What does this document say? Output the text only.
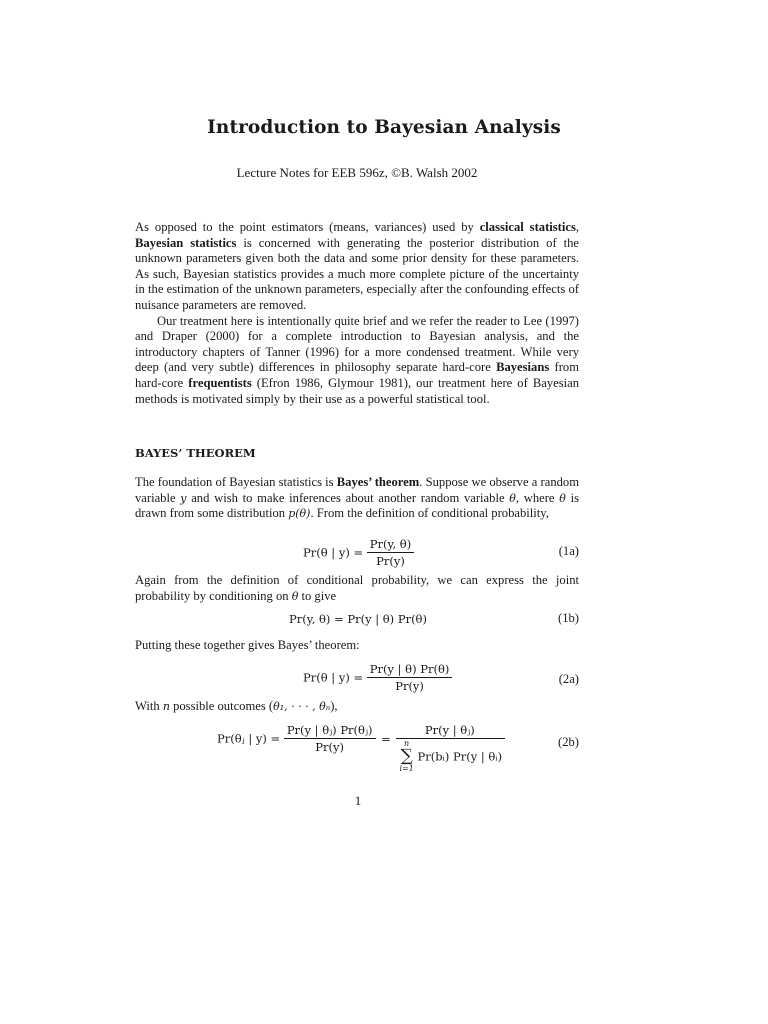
Introduction to Bayesian Analysis
Lecture Notes for EEB 596z, ©B. Walsh 2002

As opposed to the point estimators (means, variances) used by classical statistics, Bayesian statistics is concerned with generating the posterior distribution of the unknown parameters given both the data and some prior density for these parameters. As such, Bayesian statistics provides a much more complete picture of the uncertainty in the estimation of the unknown parameters, especially after the confounding effects of nuisance parameters are removed.

Our treatment here is intentionally quite brief and we refer the reader to Lee (1997) and Draper (2000) for a complete introduction to Bayesian analysis, and the introductory chapters of Tanner (1996) for a more condensed treatment. While very deep (and very subtle) differences in philosophy separate hard-core Bayesians from hard-core frequentists (Efron 1986, Glymour 1981), our treatment here of Bayesian methods is motivated simply by their use as a powerful statistical tool.

BAYES’ THEOREM
The foundation of Bayesian statistics is Bayes’ theorem. Suppose we observe a random variable y and wish to make inferences about another random variable θ, where θ is drawn from some distribution p(θ). From the definition of conditional probability,
Pr(θ | $y) = \frac{Pr(y, \theta)}{Pr(y)}$	(1a)
Again from the definition of conditional probability, we can express the joint probability by conditioning on θ to give
Pr(y, θ) = Pr(y | θ) Pr(θ)	(1b)
Putting these together gives Bayes’ theorem:
Pr(θ | $y) = \frac{Pr(y | \theta) Pr(\theta)}{Pr(y)}$	(2a)
With n possible outcomes (θ₁, · · · , θₙ),
Pr(θⱼ | $y) = \frac{\text{Pr(y | θⱼ) Pr(θⱼ)}}{Pr(y)}$ =
Pr(y | θⱼ)
n
∑
i=1
Pr(bᵢ) Pr(y | θᵢ)
(2b)
1
